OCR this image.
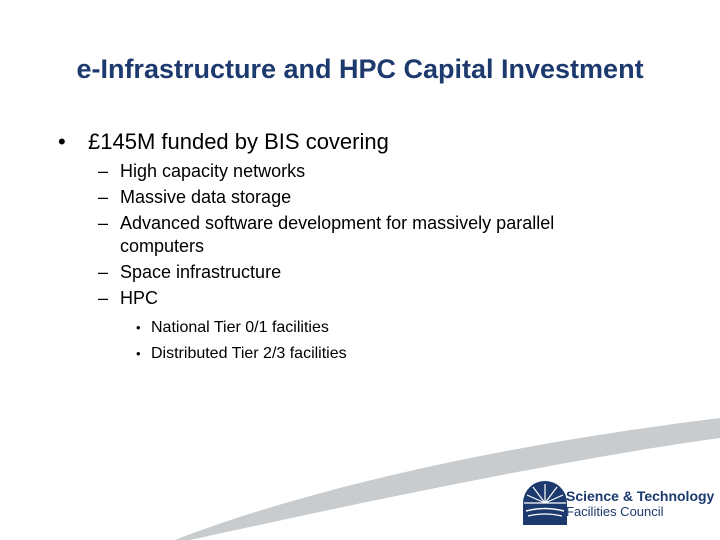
e-Infrastructure and HPC Capital Investment
• £145M funded by BIS covering
– High capacity networks
– Massive data storage
– Advanced software development for massively parallel computers
– Space infrastructure
– HPC
• National Tier 0/1 facilities
• Distributed Tier 2/3 facilities
Science & Technology
Facilities Council
